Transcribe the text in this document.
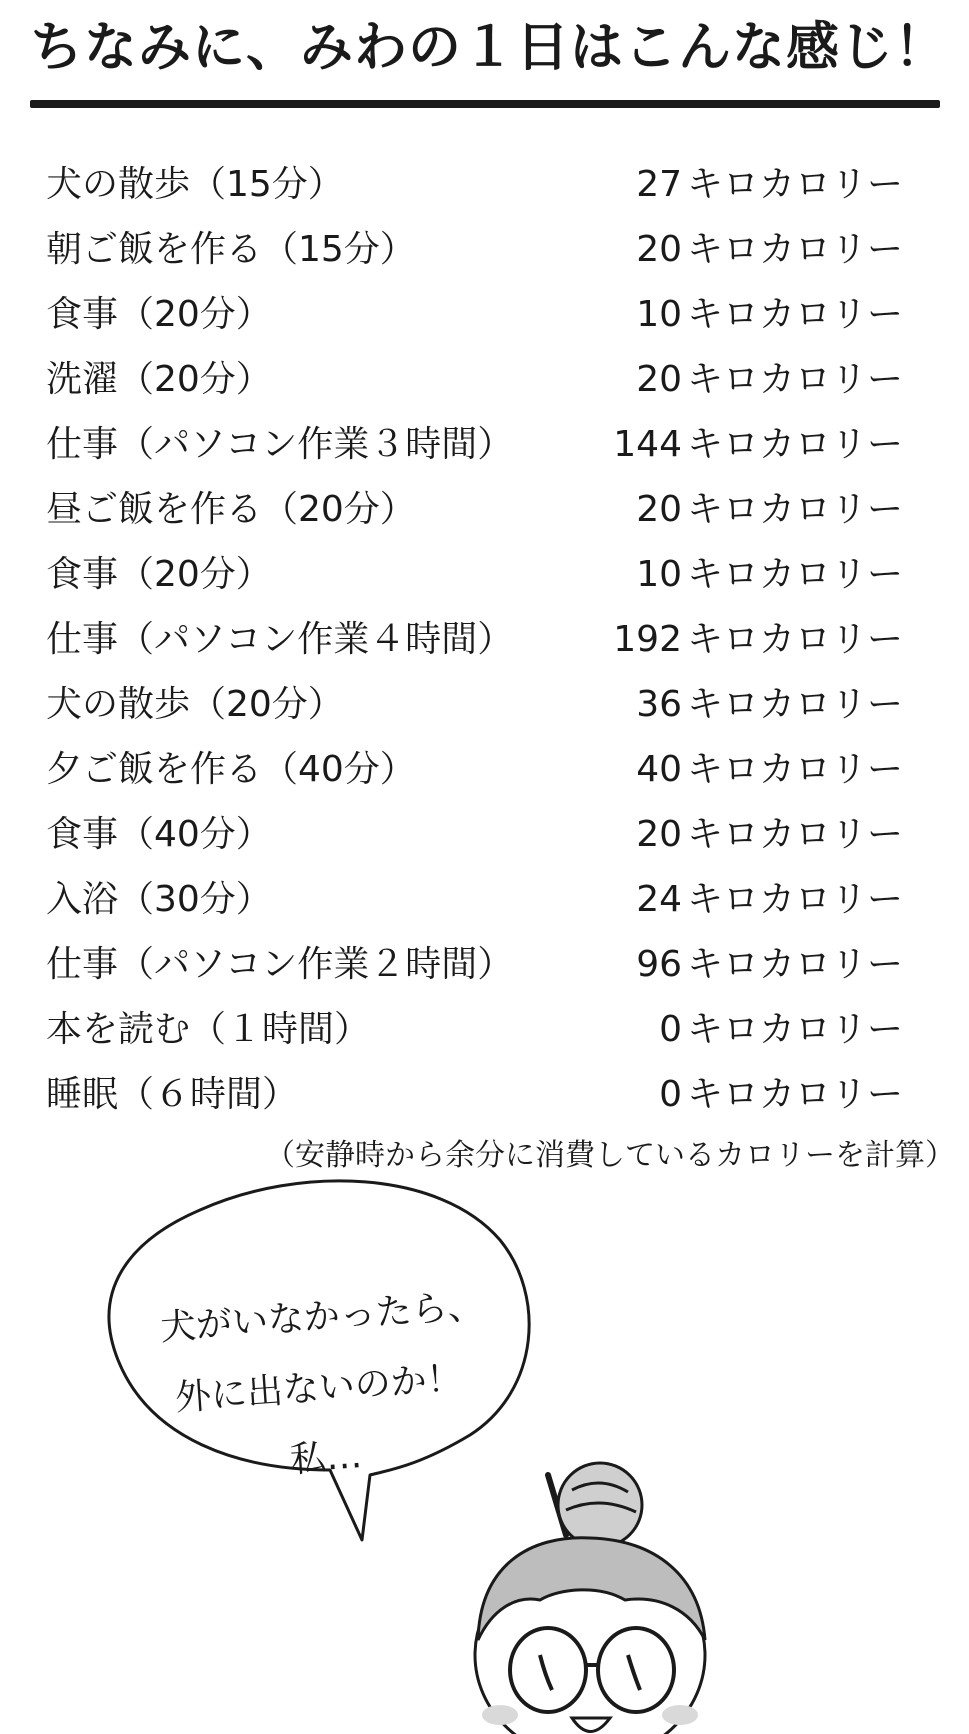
ちなみに、みわの１日はこんな感じ！
犬の散歩（15分）	27 キロカロリー
朝ご飯を作る（15分）	20 キロカロリー
食事（20分）	10 キロカロリー
洗濯（20分）	20 キロカロリー
仕事（パソコン作業３時間）	144 キロカロリー
昼ご飯を作る（20分）	20 キロカロリー
食事（20分）	10 キロカロリー
仕事（パソコン作業４時間）	192 キロカロリー
犬の散歩（20分）	36 キロカロリー
夕ご飯を作る（40分）	40 キロカロリー
食事（40分）	20 キロカロリー
入浴（30分）	24 キロカロリー
仕事（パソコン作業２時間）	96 キロカロリー
本を読む（１時間）	0 キロカロリー
睡眠（６時間）	0 キロカロリー
（安静時から余分に消費しているカロリーを計算）
犬がいなかったら、
外に出ないのか！
私…
